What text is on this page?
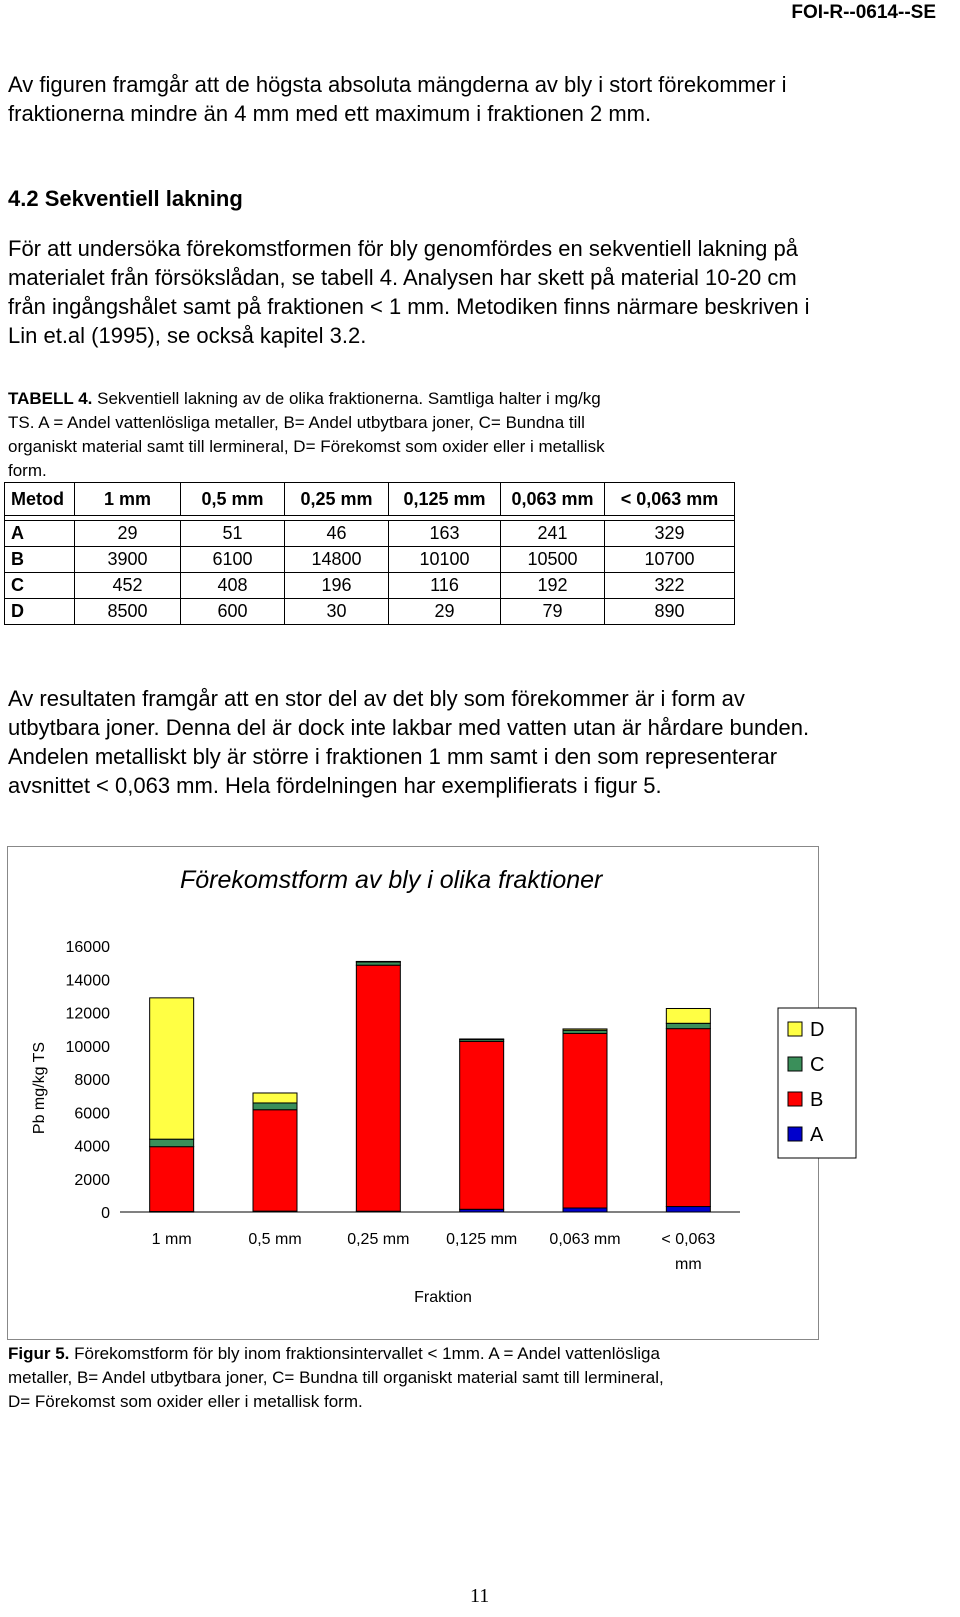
FOI-R--0614--SE
Av figuren framgår att de högsta absoluta mängderna av bly i stort förekommer i
fraktionerna mindre än 4 mm med ett maximum i fraktionen 2 mm.
4.2 Sekventiell lakning
För att undersöka förekomstformen för bly genomfördes en sekventiell lakning på
materialet från försökslådan, se tabell 4. Analysen har skett på material 10-20 cm
från ingångshålet samt på fraktionen < 1 mm. Metodiken finns närmare beskriven i
Lin et.al (1995), se också kapitel 3.2.
TABELL 4. Sekventiell lakning av de olika fraktionerna. Samtliga halter i mg/kg
TS. A = Andel vattenlösliga metaller, B= Andel utbytbara joner, C= Bundna till
organiskt material samt till lermineral, D= Förekomst som oxider eller i metallisk
form.
Metod	1 mm	0,5 mm	0,25 mm	0,125 mm	0,063 mm	< 0,063 mm

A	29	51	46	163	241	329
B	3900	6100	14800	10100	10500	10700
C	452	408	196	116	192	322
D	8500	600	30	29	79	890
Av resultaten framgår att en stor del av det bly som förekommer är i form av
utbytbara joner. Denna del är dock inte lakbar med vatten utan är hårdare bunden.
Andelen metalliskt bly är större i fraktionen 1 mm samt i den som representerar
avsnittet < 0,063 mm. Hela fördelningen har exemplifierats i figur 5.
Förekomstform av bly i olika fraktioner
16000
14000
12000
10000
8000
6000
4000
2000
0
Pb mg/kg TS
1 mm	0,5 mm	0,25 mm 0,125 mm 0,063 mm	< 0,063
mm
Fraktion
D
C
B
A
Figur 5. Förekomstform för bly inom fraktionsintervallet < 1mm. A = Andel vattenlösliga
metaller, B= Andel utbytbara joner, C= Bundna till organiskt material samt till lermineral,
D= Förekomst som oxider eller i metallisk form.
11
